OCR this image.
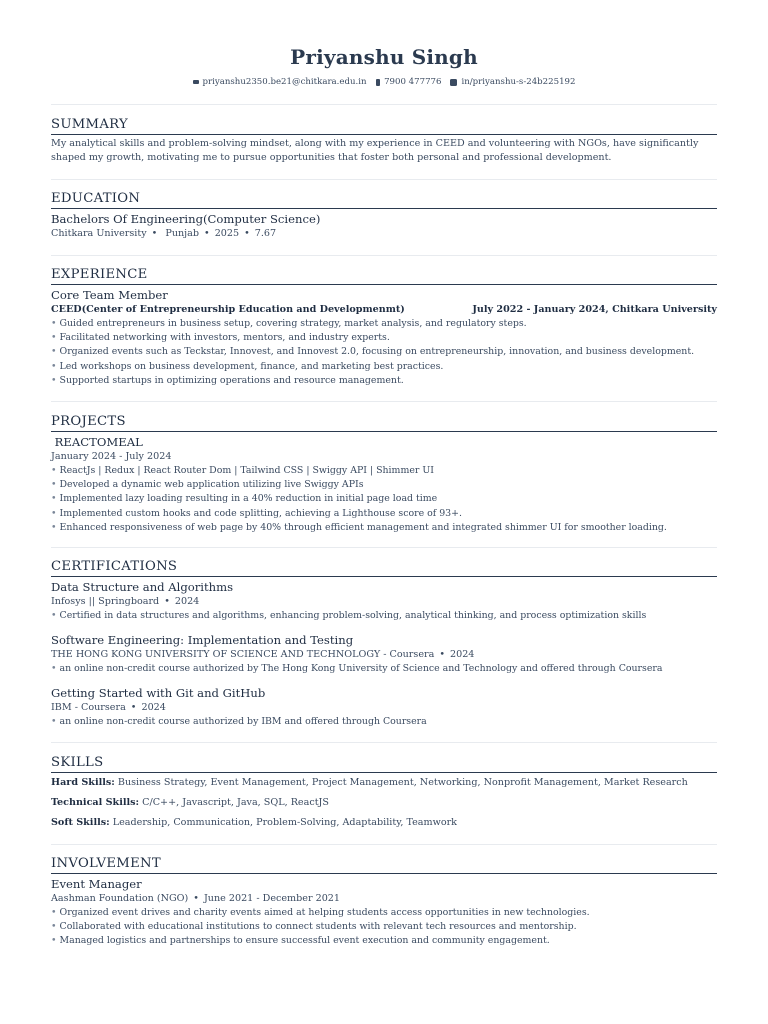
Priyanshu Singh
priyanshu2350.be21@chitkara.edu.in 7900 477776 in/priyanshu-s-24b225192
SUMMARY
My analytical skills and problem-solving mindset, along with my experience in CEED and volunteering with NGOs, have significantly
shaped my growth, motivating me to pursue opportunities that foster both personal and professional development.
EDUCATION
Bachelors Of Engineering(Computer Science)
Chitkara University • Punjab • 2025 • 7.67
EXPERIENCE
Core Team Member
CEED(Center of Entrepreneurship Education and Developmenmt)	July 2022 - January 2024, Chitkara University
• Guided entrepreneurs in business setup, covering strategy, market analysis, and regulatory steps.
• Facilitated networking with investors, mentors, and industry experts.
• Organized events such as Teckstar, Innovest, and Innovest 2.0, focusing on entrepreneurship, innovation, and business development.
• Led workshops on business development, finance, and marketing best practices.
• Supported startups in optimizing operations and resource management.
PROJECTS
REACTOMEAL
January 2024 - July 2024
• ReactJs | Redux | React Router Dom | Tailwind CSS | Swiggy API | Shimmer UI
• Developed a dynamic web application utilizing live Swiggy APIs
• Implemented lazy loading resulting in a 40% reduction in initial page load time
• Implemented custom hooks and code splitting, achieving a Lighthouse score of 93+.
• Enhanced responsiveness of web page by 40% through efficient management and integrated shimmer UI for smoother loading.
CERTIFICATIONS
Data Structure and Algorithms
Infosys || Springboard • 2024
• Certified in data structures and algorithms, enhancing problem-solving, analytical thinking, and process optimization skills
Software Engineering: Implementation and Testing
THE HONG KONG UNIVERSITY OF SCIENCE AND TECHNOLOGY - Coursera • 2024
• an online non-credit course authorized by The Hong Kong University of Science and Technology and offered through Coursera
Getting Started with Git and GitHub
IBM - Coursera • 2024
• an online non-credit course authorized by IBM and offered through Coursera
SKILLS
Hard Skills: Business Strategy, Event Management, Project Management, Networking, Nonprofit Management, Market Research
Technical Skills: C/C++, Javascript, Java, SQL, ReactJS
Soft Skills: Leadership, Communication, Problem-Solving, Adaptability, Teamwork
INVOLVEMENT
Event Manager
Aashman Foundation (NGO) • June 2021 - December 2021
• Organized event drives and charity events aimed at helping students access opportunities in new technologies.
• Collaborated with educational institutions to connect students with relevant tech resources and mentorship.
• Managed logistics and partnerships to ensure successful event execution and community engagement.
